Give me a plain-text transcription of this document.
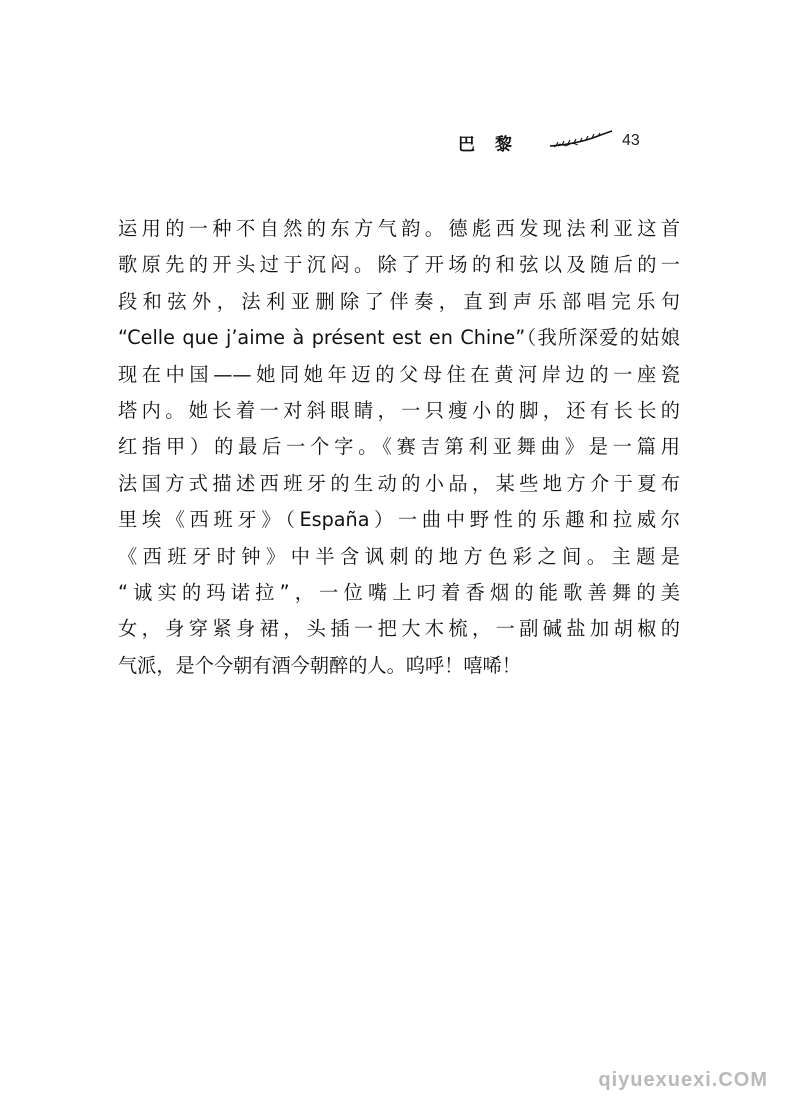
巴黎	43
运用的一种不自然的东方气韵。德彪西发现法利亚这首
歌原先的开头过于沉闷。除了开场的和弦以及随后的一
段和弦外，法利亚删除了伴奏，直到声乐部唱完乐句
“Celle que j’aime à présent est en Chine”（我所深爱的姑娘
现在中国——她同她年迈的父母住在黄河岸边的一座瓷
塔内。她长着一对斜眼睛，一只瘦小的脚，还有长长的
红指甲）的最后一个字。《赛吉第利亚舞曲》是一篇用
法国方式描述西班牙的生动的小品，某些地方介于夏布
里埃《西班牙》（España）一曲中野性的乐趣和拉威尔
《西班牙时钟》中半含讽刺的地方色彩之间。主题是
“诚实的玛诺拉”，一位嘴上叼着香烟的能歌善舞的美
女，身穿紧身裙，头插一把大木梳，一副碱盐加胡椒的
气派，是个今朝有酒今朝醉的人。呜呼！嘻唏！
qiyuexuexi.COM
